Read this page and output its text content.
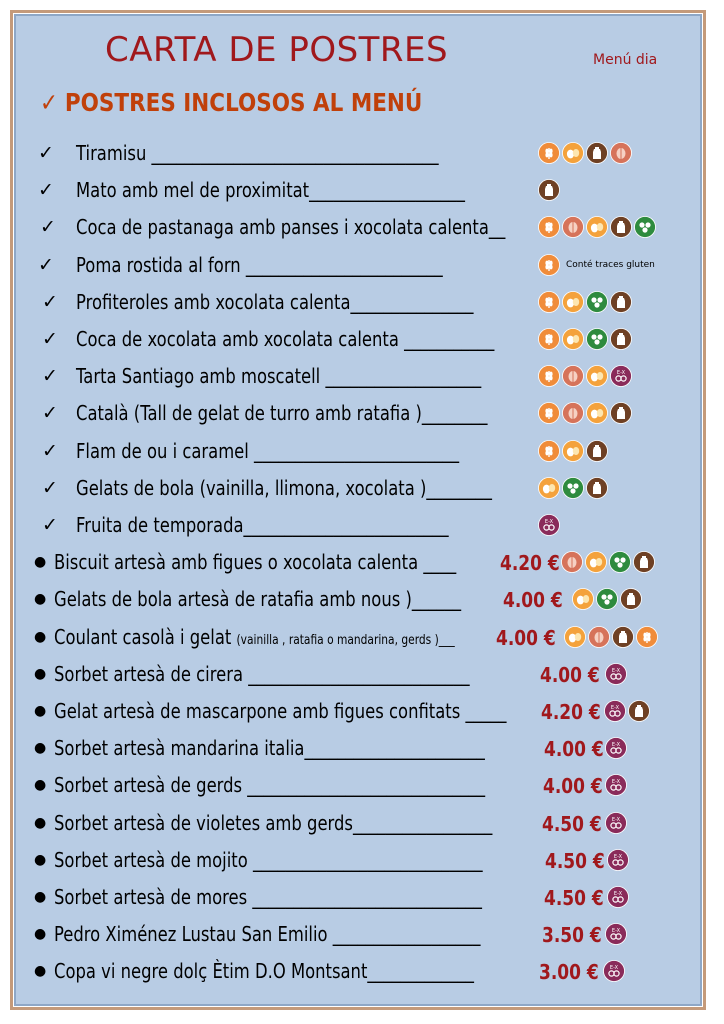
CARTA DE POSTRES	Menú dia
✓ POSTRES INCLOSOS AL MENÚ
✓ Tiramisu ___________________________________
✓ Mato amb mel de proximitat___________________
✓ Coca de pastanaga amb panses i xocolata calenta__
✓ Poma rostida al forn ________________________	Conté traces gluten
✓ Profiteroles amb xocolata calenta_______________
✓ Coca de xocolata amb xocolata calenta ___________
✓ Tarta Santiago amb moscatell ___________________	E-X
✓ Català (Tall de gelat de turro amb ratafia )________
✓ Flam de ou i caramel _________________________
✓ Gelats de bola (vainilla, llimona, xocolata )________
✓ Fruita de temporada_________________________	E-X
● Biscuit artesà amb figues o xocolata calenta ____ 4.20 €
● Gelats de bola artesà de ratafia amb nous )______ 4.00 €
● Coulant casolà i gelat (vainilla , ratafia o mandarina, gerds )___ 4.00 €
● Sorbet artesà de cirera ___________________________	4.00 € E-X
● Gelat artesà de mascarpone amb figues confitats _____ 4.20 € E-X
● Sorbet artesà mandarina italia______________________	4.00 € E-X
● Sorbet artesà de gerds _____________________________	4.00 € E-X
● Sorbet artesà de violetes amb gerds_________________ 4.50 € E-X
● Sorbet artesà de mojito ____________________________	4.50 € E-X
● Sorbet artesà de mores ____________________________	4.50 € E-X
● Pedro Ximénez Lustau San Emilio __________________	3.50 € E-X
● Copa vi negre dolç Ètim D.O Montsant_____________	3.00 € E-X
